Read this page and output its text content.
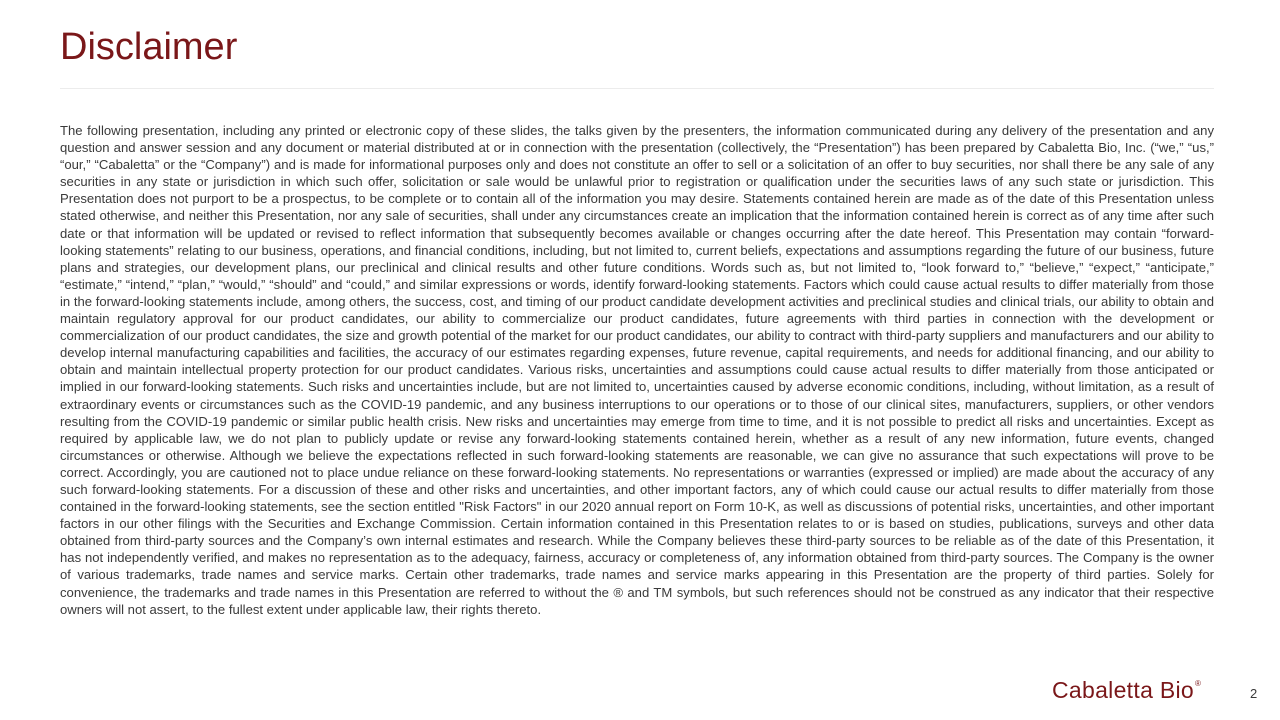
Disclaimer

The following presentation, including any printed or electronic copy of these slides, the talks given by the presenters, the information communicated during any delivery of the presentation and any question and answer session and any document or material distributed at or in connection with the presentation (collectively, the “Presentation”) has been prepared by Cabaletta Bio, Inc. (“we,” “us,” “our,” “Cabaletta” or the “Company”) and is made for informational purposes only and does not constitute an offer to sell or a solicitation of an offer to buy securities, nor shall there be any sale of any securities in any state or jurisdiction in which such offer, solicitation or sale would be unlawful prior to registration or qualification under the securities laws of any such state or jurisdiction. This Presentation does not purport to be a prospectus, to be complete or to contain all of the information you may desire. Statements contained herein are made as of the date of this Presentation unless stated otherwise, and neither this Presentation, nor any sale of securities, shall under any circumstances create an implication that the information contained herein is correct as of any time after such date or that information will be updated or revised to reflect information that subsequently becomes available or changes occurring after the date hereof. This Presentation may contain “forward-looking statements” relating to our business, operations, and financial conditions, including, but not limited to, current beliefs, expectations and assumptions regarding the future of our business, future plans and strategies, our development plans, our preclinical and clinical results and other future conditions. Words such as, but not limited to, “look forward to,” “believe,” “expect,” “anticipate,” “estimate,” “intend,” “plan,” “would,” “should” and “could,” and similar expressions or words, identify forward-looking statements. Factors which could cause actual results to differ materially from those in the forward-looking statements include, among others, the success, cost, and timing of our product candidate development activities and preclinical studies and clinical trials, our ability to obtain and maintain regulatory approval for our product candidates, our ability to commercialize our product candidates, future agreements with third parties in connection with the development or commercialization of our product candidates, the size and growth potential of the market for our product candidates, our ability to contract with third-party suppliers and manufacturers and our ability to develop internal manufacturing capabilities and facilities, the accuracy of our estimates regarding expenses, future revenue, capital requirements, and needs for additional financing, and our ability to obtain and maintain intellectual property protection for our product candidates. Various risks, uncertainties and assumptions could cause actual results to differ materially from those anticipated or implied in our forward-looking statements. Such risks and uncertainties include, but are not limited to, uncertainties caused by adverse economic conditions, including, without limitation, as a result of extraordinary events or circumstances such as the COVID-19 pandemic, and any business interruptions to our operations or to those of our clinical sites, manufacturers, suppliers, or other vendors resulting from the COVID-19 pandemic or similar public health crisis. New risks and uncertainties may emerge from time to time, and it is not possible to predict all risks and uncertainties. Except as required by applicable law, we do not plan to publicly update or revise any forward-looking statements contained herein, whether as a result of any new information, future events, changed circumstances or otherwise. Although we believe the expectations reflected in such forward-looking statements are reasonable, we can give no assurance that such expectations will prove to be correct. Accordingly, you are cautioned not to place undue reliance on these forward-looking statements. No representations or warranties (expressed or implied) are made about the accuracy of any such forward-looking statements. For a discussion of these and other risks and uncertainties, and other important factors, any of which could cause our actual results to differ materially from those contained in the forward-looking statements, see the section entitled "Risk Factors" in our 2020 annual report on Form 10-K, as well as discussions of potential risks, uncertainties, and other important factors in our other filings with the Securities and Exchange Commission. Certain information contained in this Presentation relates to or is based on studies, publications, surveys and other data obtained from third-party sources and the Company’s own internal estimates and research. While the Company believes these third-party sources to be reliable as of the date of this Presentation, it has not independently verified, and makes no representation as to the adequacy, fairness, accuracy or completeness of, any information obtained from third-party sources. The Company is the owner of various trademarks, trade names and service marks. Certain other trademarks, trade names and service marks appearing in this Presentation are the property of third parties. Solely for convenience, the trademarks and trade names in this Presentation are referred to without the ® and TM symbols, but such references should not be construed as any indicator that their respective owners will not assert, to the fullest extent under applicable law, their rights thereto.

Cabaletta Bio ®
2
